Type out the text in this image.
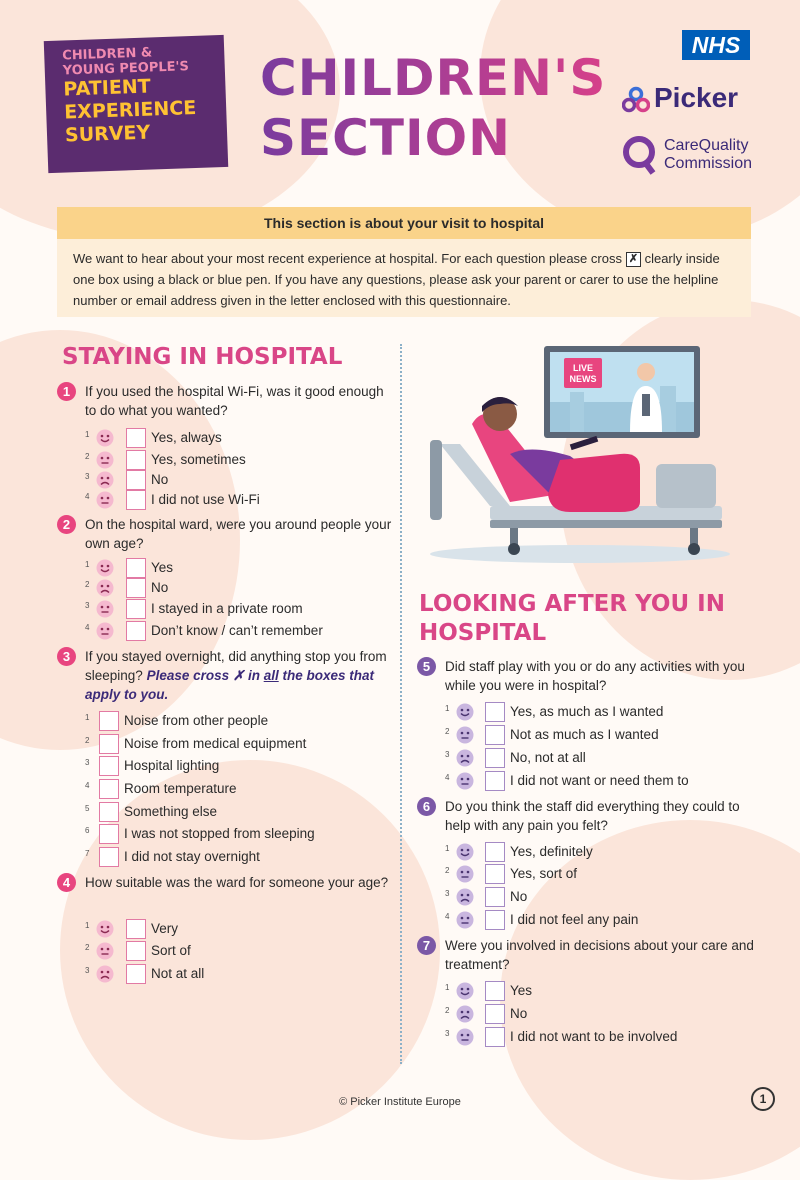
CHILDREN &
YOUNG PEOPLE'S
PATIENT
EXPERIENCE
SURVEY
CHILDREN'S
SECTION
NHS
Picker
CareQuality
Commission
This section is about your visit to hospital
We want to hear about your most recent experience at hospital. For each question please cross ✗ clearly inside one box using a black or blue pen. If you have any questions, please ask your parent or carer to use the helpline number or email address given in the letter enclosed with this questionnaire.
STAYING IN HOSPITAL
LOOKING AFTER YOU IN
HOSPITAL
LIVE
NEWS
1	If you used the hospital Wi-Fi, was it good enough to do what you wanted?
1	Yes, always
2	Yes, sometimes
3	No
4	I did not use Wi-Fi
2	On the hospital ward, were you around people your own age?
1	Yes
2	No
3	I stayed in a private room
4	Don’t know / can’t remember
3	If you stayed overnight, did anything stop you from sleeping? Please cross ✗ in all the boxes that apply to you.
1	Noise from other people
2	Noise from medical equipment
3	Hospital lighting
4	Room temperature
5	Something else
6	I was not stopped from sleeping
7	I did not stay overnight
4	How suitable was the ward for someone your age?
1	Very
2	Sort of
3	Not at all
5	Did staff play with you or do any activities with you while you were in hospital?
1	Yes, as much as I wanted
2	Not as much as I wanted
3	No, not at all
4	I did not want or need them to
6	Do you think the staff did everything they could to help with any pain you felt?
1	Yes, definitely
2	Yes, sort of
3	No
4	I did not feel any pain
7	Were you involved in decisions about your care and treatment?
1	Yes
2	No
3	I did not want to be involved
© Picker Institute Europe	1
